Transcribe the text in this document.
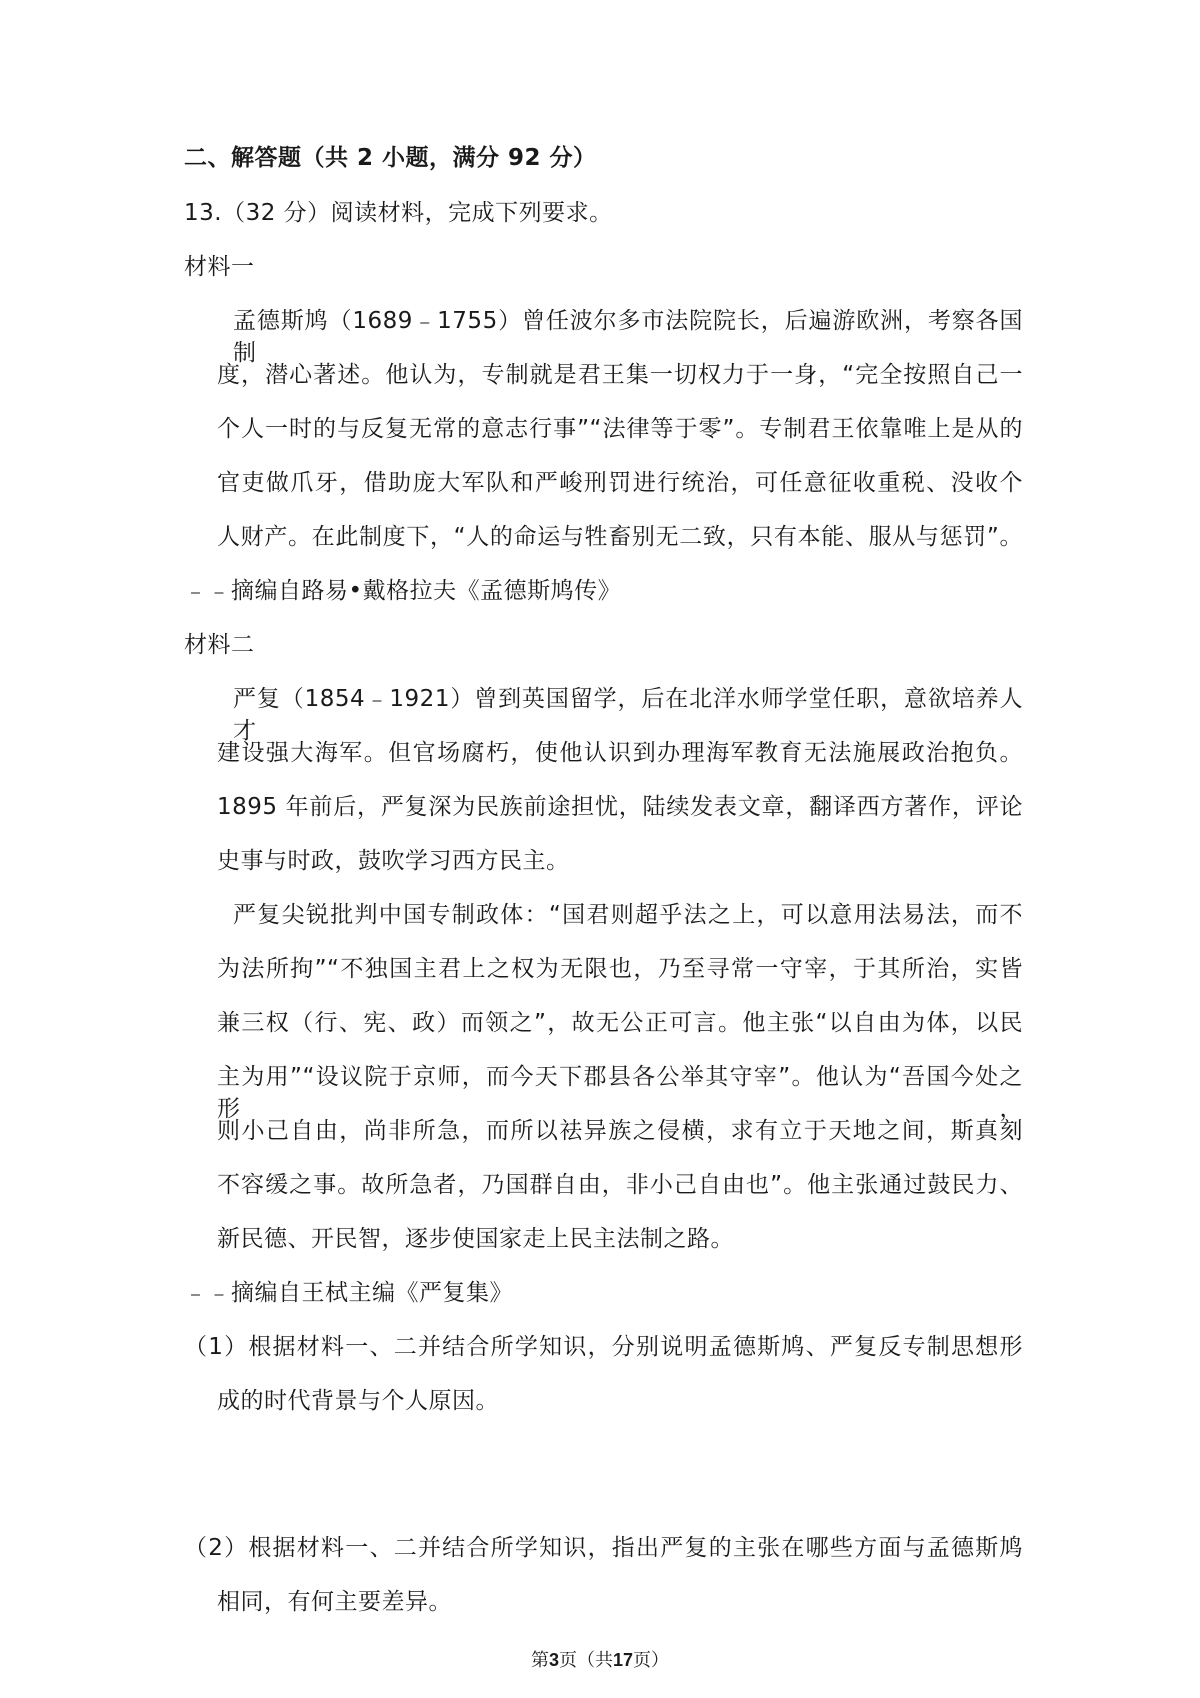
二、解答题（共 2 小题，满分 92 分）
13.（32 分）阅读材料，完成下列要求。
材料一
孟德斯鸠（1689﹣1755）曾任波尔多市法院院长，后遍游欧洲，考察各国制
度，潜心著述。他认为，专制就是君王集一切权力于一身，“完全按照自己一
个人一时的与反复无常的意志行事”“法律等于零”。专制君王依靠唯上是从的
官吏做爪牙，借助庞大军队和严峻刑罚进行统治，可任意征收重税、没收个
人财产。在此制度下，“人的命运与牲畜别无二致，只有本能、服从与惩罚”。
﹣﹣摘编自路易•戴格拉夫《孟德斯鸠传》
材料二
严复（1854﹣1921）曾到英国留学，后在北洋水师学堂任职，意欲培养人才
建设强大海军。但官场腐朽，使他认识到办理海军教育无法施展政治抱负。
1895 年前后，严复深为民族前途担忧，陆续发表文章，翻译西方著作，评论
史事与时政，鼓吹学习西方民主。
严复尖锐批判中国专制政体：“国君则超乎法之上，可以意用法易法，而不
为法所拘”“不独国主君上之权为无限也，乃至寻常一守宰，于其所治，实皆
兼三权（行、宪、政）而领之”，故无公正可言。他主张“以自由为体，以民
主为用”“设议院于京师，而今天下郡县各公举其守宰”。他认为“吾国今处之形，
则小己自由，尚非所急，而所以祛异族之侵横，求有立于天地之间，斯真刻
不容缓之事。故所急者，乃国群自由，非小己自由也”。他主张通过鼓民力、
新民德、开民智，逐步使国家走上民主法制之路。
﹣﹣摘编自王栻主编《严复集》
（1）根据材料一、二并结合所学知识，分别说明孟德斯鸠、严复反专制思想形
成的时代背景与个人原因。
（2）根据材料一、二并结合所学知识，指出严复的主张在哪些方面与孟德斯鸠
相同，有何主要差异。
第3页（共17页）
